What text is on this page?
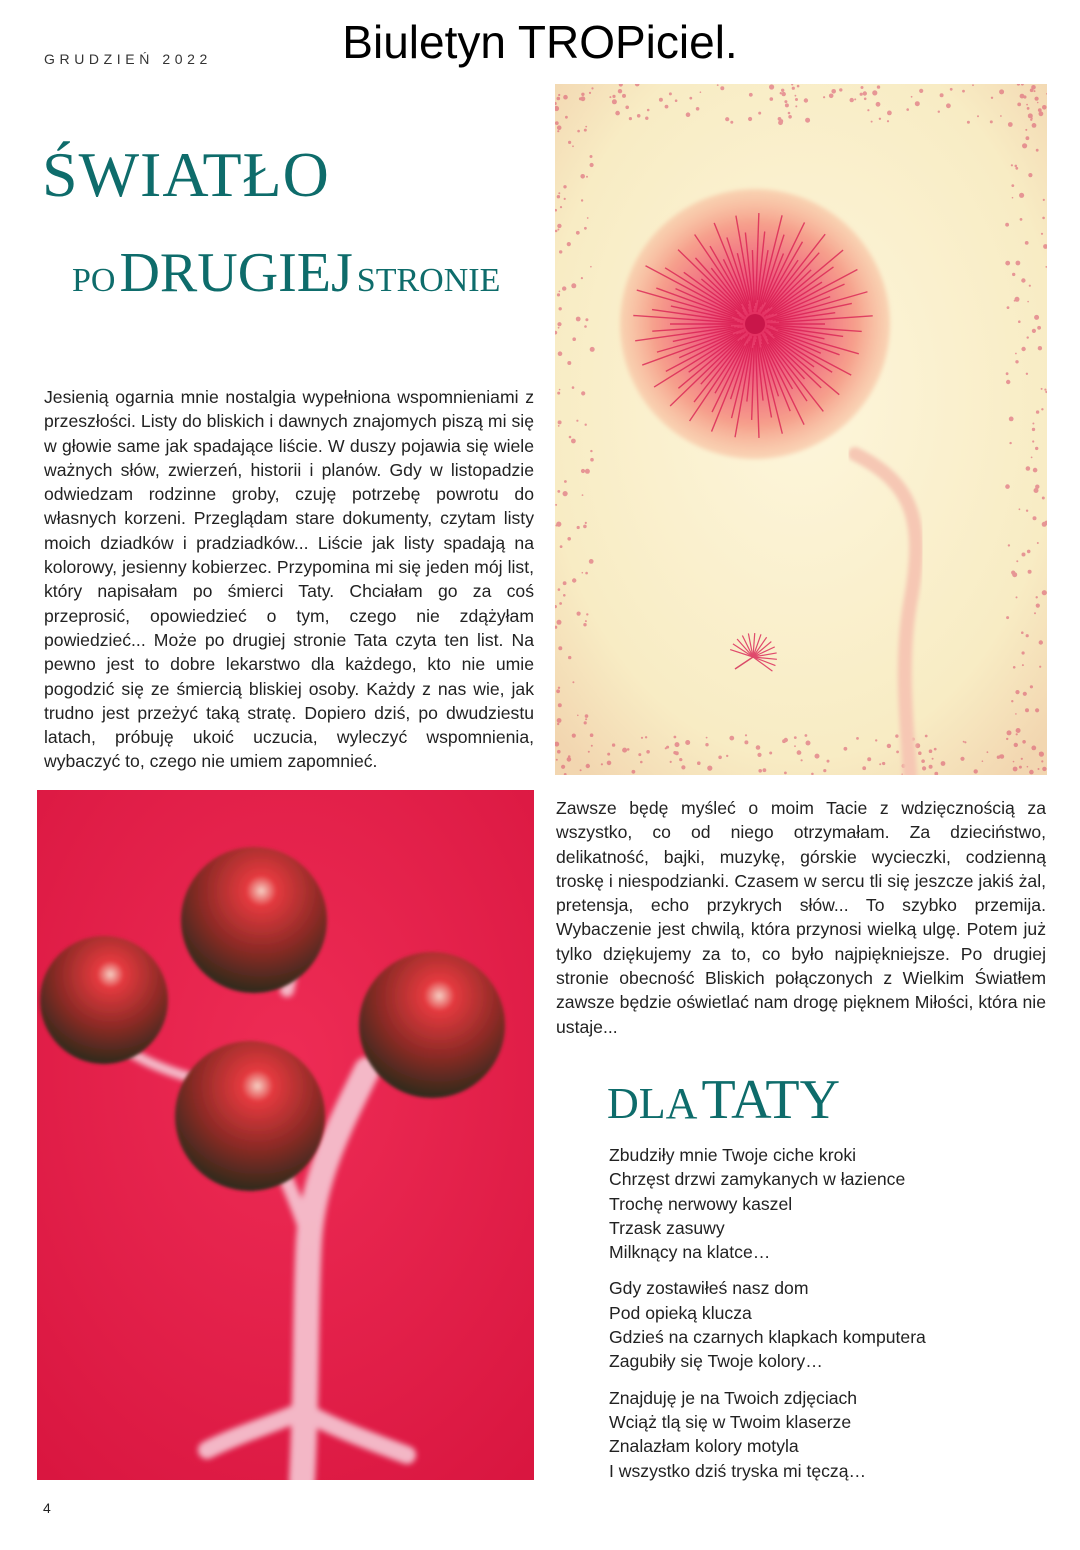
GRUDZIEŃ 2022	Biuletyn TROPiciel.
ŚWIATŁO
PO DRUGIEJ STRONIE
Jesienią ogarnia mnie nostalgia wypełniona wspomnieniami z przeszłości. Listy do bliskich i dawnych znajomych piszą mi się w głowie same jak spadające liście. W duszy pojawia się wiele ważnych słów, zwierzeń, historii i planów. Gdy w listopadzie odwiedzam rodzinne groby, czuję potrzebę powrotu do własnych korzeni. Przeglądam stare dokumenty, czytam listy moich dziadków i pradziadków... Liście jak listy spadają na kolorowy, jesienny kobierzec. Przypomina mi się jeden mój list, który napisałam po śmierci Taty. Chciałam go za coś przeprosić, opowiedzieć o tym, czego nie zdążyłam powiedzieć... Może po drugiej stronie Tata czyta ten list. Na pewno jest to dobre lekarstwo dla każdego, kto nie umie pogodzić się ze śmiercią bliskiej osoby. Każdy z nas wie, jak trudno jest przeżyć taką stratę. Dopiero dziś, po dwudziestu latach, próbuję ukoić uczucia, wyleczyć wspomnienia, wybaczyć to, czego nie umiem zapomnieć.
Zawsze będę myśleć o moim Tacie z wdzięcznością za wszystko, co od niego otrzymałam. Za dzieciństwo, delikatność, bajki, muzykę, górskie wycieczki, codzienną troskę i niespodzianki. Czasem w sercu tli się jeszcze jakiś żal, pretensja, echo przykrych słów... To szybko przemija. Wybaczenie jest chwilą, która przynosi wielką ulgę. Potem już tylko dziękujemy za to, co było najpiękniejsze. Po drugiej stronie obecność Bliskich połączonych z Wielkim Światłem zawsze będzie oświetlać nam drogę pięknem Miłości, która nie ustaje...
DLA TATY
Zbudziły mnie Twoje ciche kroki
Chrzęst drzwi zamykanych w łazience
Trochę nerwowy kaszel
Trzask zasuwy
Milknący na klatce…
Gdy zostawiłeś nasz dom
Pod opieką klucza
Gdzieś na czarnych klapkach komputera
Zagubiły się Twoje kolory…
Znajduję je na Twoich zdjęciach
Wciąż tlą się w Twoim klaserze
Znalazłam kolory motyla
I wszystko dziś tryska mi tęczą…
4
